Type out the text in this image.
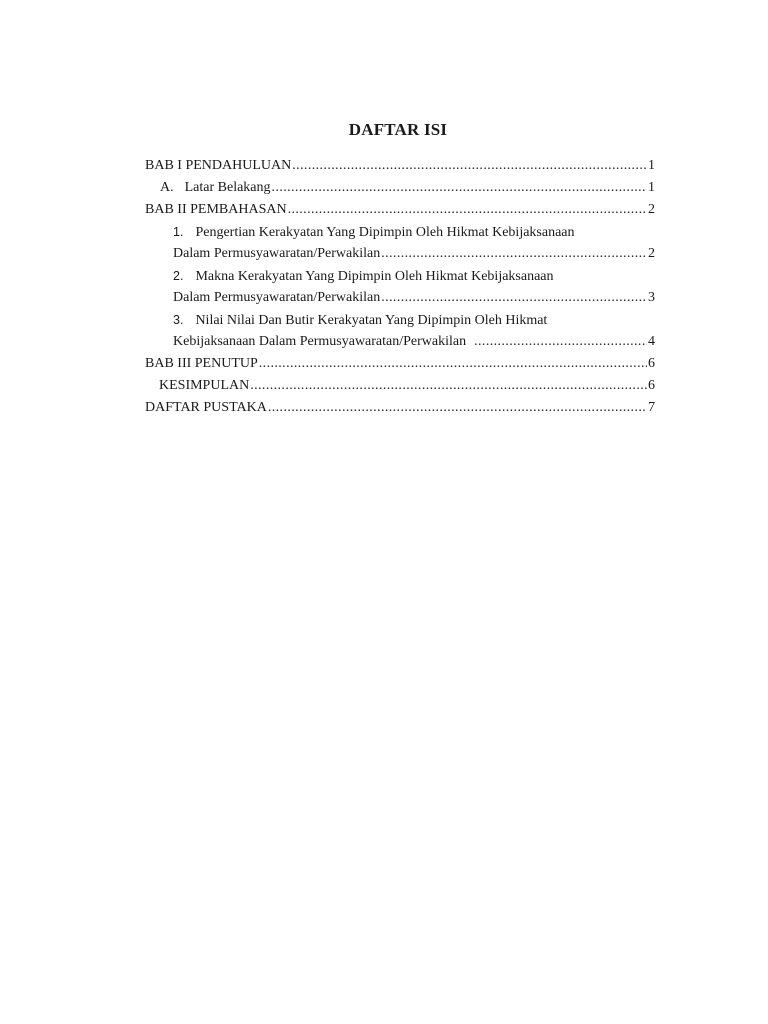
DAFTAR ISI
BAB I PENDAHULUAN .....	1
A. Latar Belakang .....	1
BAB II PEMBAHASAN .....	2
1. Pengertian Kerakyatan Yang Dipimpin Oleh Hikmat Kebijaksanaan
Dalam Permusyawaratan/Perwakilan .....	2
2. Makna Kerakyatan Yang Dipimpin Oleh Hikmat Kebijaksanaan
Dalam Permusyawaratan/Perwakilan .....	3
3. Nilai Nilai Dan Butir Kerakyatan Yang Dipimpin Oleh Hikmat
Kebijaksanaan Dalam Permusyawaratan/Perwakilan .....	4
BAB III PENUTUP .....	6
KESIMPULAN .....	6
DAFTAR PUSTAKA .....	7
